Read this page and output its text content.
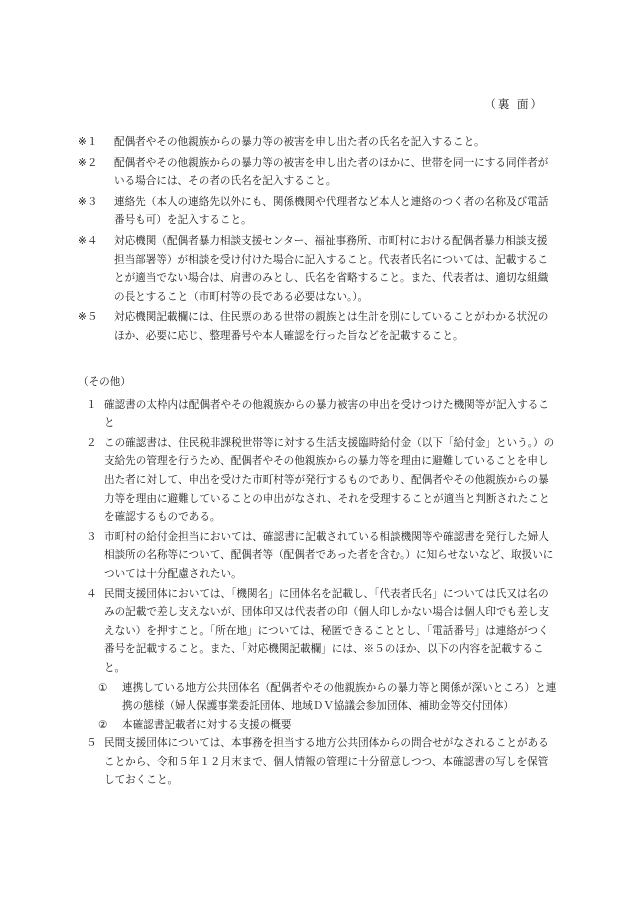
（裏 面）

※１ 配偶者やその他親族からの暴力等の被害を申し出た者の氏名を記入すること。

※２ 配偶者やその他親族からの暴力等の被害を申し出た者のほかに、世帯を同一にする同伴者がいる場合には、その者の氏名を記入すること。

※３ 連絡先（本人の連絡先以外にも、関係機関や代理者など本人と連絡のつく者の名称及び電話番号も可）を記入すること。

※４ 対応機関（配偶者暴力相談支援センター、福祉事務所、市町村における配偶者暴力相談支援担当部署等）が相談を受け付けた場合に記入すること。代表者氏名については、記載することが適当でない場合は、肩書のみとし、氏名を省略すること。また、代表者は、適切な組織の長とすること（市町村等の長である必要はない。）。

※５ 対応機関記載欄には、住民票のある世帯の親族とは生計を別にしていることがわかる状況のほか、必要に応じ、整理番号や本人確認を行った旨などを記載すること。

（その他）

１ 確認書の太枠内は配偶者やその他親族からの暴力被害の申出を受けつけた機関等が記入すること

２ この確認書は、住民税非課税世帯等に対する生活支援臨時給付金（以下「給付金」という。）の支給先の管理を行うため、配偶者やその他親族からの暴力等を理由に避難していることを申し出た者に対して、申出を受けた市町村等が発行するものであり、配偶者やその他親族からの暴力等を理由に避難していることの申出がなされ、それを受理することが適当と判断されたことを確認するものである。

３ 市町村の給付金担当においては、確認書に記載されている相談機関等や確認書を発行した婦人相談所の名称等について、配偶者等（配偶者であった者を含む。）に知らせないなど、取扱いについては十分配慮されたい。

４ 民間支援団体においては、「機関名」に団体名を記載し、「代表者氏名」については氏又は名のみの記載で差し支えないが、団体印又は代表者の印（個人印しかない場合は個人印でも差し支えない）を押すこと。「所在地」については、秘匿できることとし、「電話番号」は連絡がつく番号を記載すること。また、「対応機関記載欄」には、※５のほか、以下の内容を記載すること。

① 連携している地方公共団体名（配偶者やその他親族からの暴力等と関係が深いところ）と連携の態様（婦人保護事業委託団体、地域ＤＶ協議会参加団体、補助金等交付団体）

② 本確認書記載者に対する支援の概要

５ 民間支援団体については、本事務を担当する地方公共団体からの問合せがなされることがあることから、令和５年１２月末まで、個人情報の管理に十分留意しつつ、本確認書の写しを保管しておくこと。
